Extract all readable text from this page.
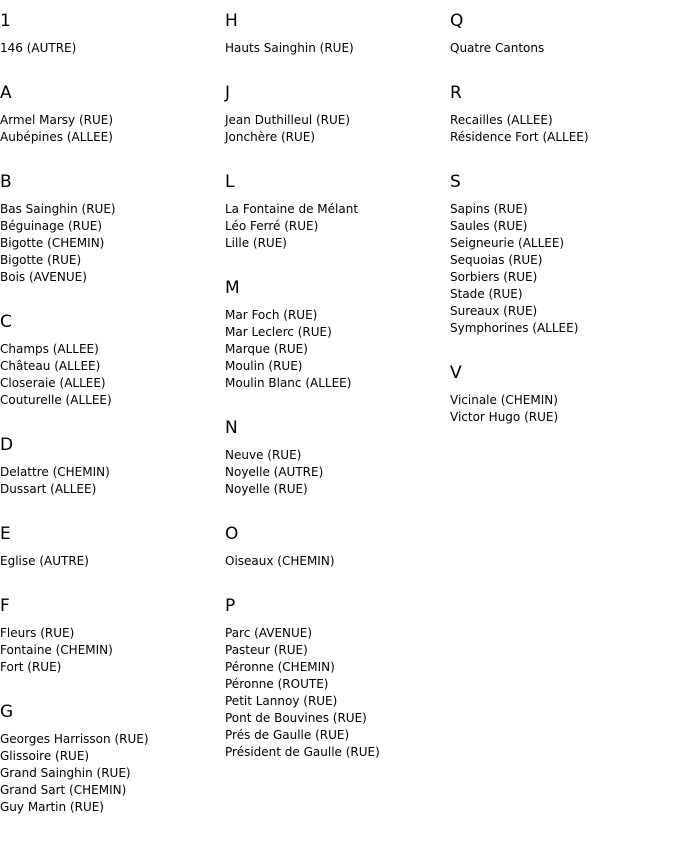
1
146 (AUTRE)
A
Armel Marsy (RUE)
Aubépines (ALLEE)
B
Bas Sainghin (RUE)
Béguinage (RUE)
Bigotte (CHEMIN)
Bigotte (RUE)
Bois (AVENUE)
C
Champs (ALLEE)
Château (ALLEE)
Closeraie (ALLEE)
Couturelle (ALLEE)
D
Delattre (CHEMIN)
Dussart (ALLEE)
E
Eglise (AUTRE)
F
Fleurs (RUE)
Fontaine (CHEMIN)
Fort (RUE)
G
Georges Harrisson (RUE)
Glissoire (RUE)
Grand Sainghin (RUE)
Grand Sart (CHEMIN)
Guy Martin (RUE)
H
Hauts Sainghin (RUE)
J
Jean Duthilleul (RUE)
Jonchère (RUE)
L
La Fontaine de Mélant
Léo Ferré (RUE)
Lille (RUE)
M
Mar Foch (RUE)
Mar Leclerc (RUE)
Marque (RUE)
Moulin (RUE)
Moulin Blanc (ALLEE)
N
Neuve (RUE)
Noyelle (AUTRE)
Noyelle (RUE)
O
Oiseaux (CHEMIN)
P
Parc (AVENUE)
Pasteur (RUE)
Péronne (CHEMIN)
Péronne (ROUTE)
Petit Lannoy (RUE)
Pont de Bouvines (RUE)
Prés de Gaulle (RUE)
Président de Gaulle (RUE)
Q
Quatre Cantons
R
Recailles (ALLEE)
Résidence Fort (ALLEE)
S
Sapins (RUE)
Saules (RUE)
Seigneurie (ALLEE)
Sequoias (RUE)
Sorbiers (RUE)
Stade (RUE)
Sureaux (RUE)
Symphorines (ALLEE)
V
Vicinale (CHEMIN)
Victor Hugo (RUE)
